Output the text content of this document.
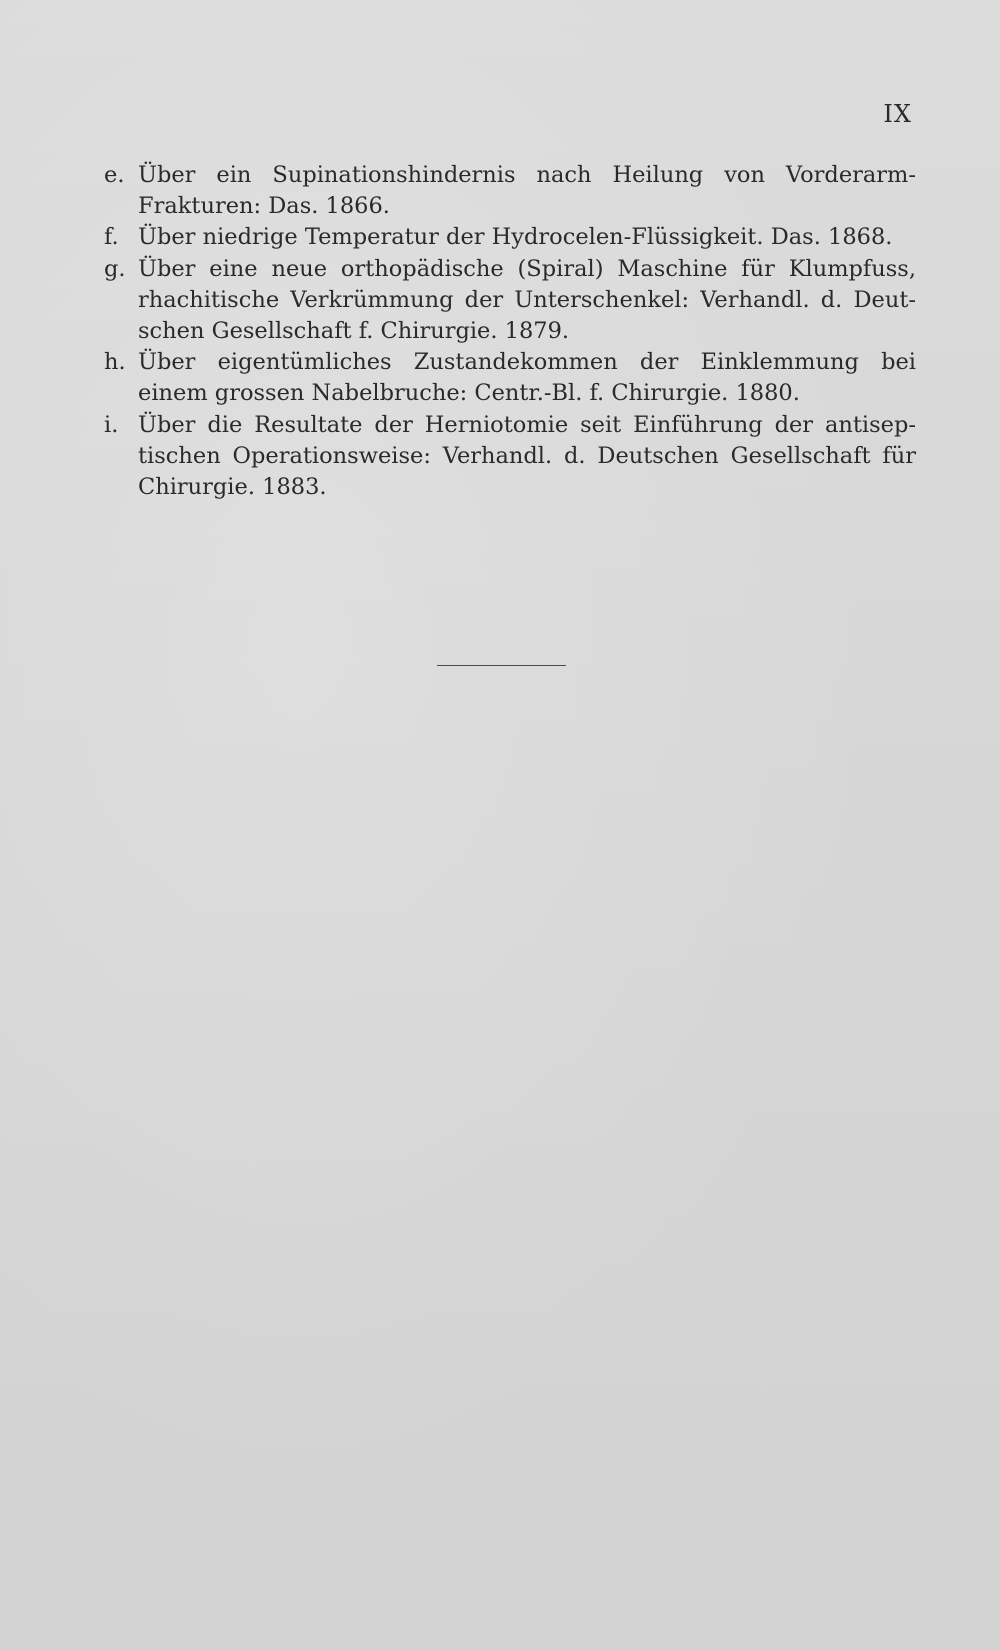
IX

e. Über ein Supinationshindernis nach Heilung von Vorderarm-Frakturen: Das. 1866.
f. Über niedrige Temperatur der Hydrocelen-Flüssigkeit. Das. 1868.
g. Über eine neue orthopädische (Spiral) Maschine für Klumpfuss, rhachitische Verkrümmung der Unterschenkel: Verhandl. d. Deutschen Gesellschaft f. Chirurgie. 1879.
h. Über eigentümliches Zustandekommen der Einklemmung bei einem grossen Nabelbruche: Centr.-Bl. f. Chirurgie. 1880.
i. Über die Resultate der Herniotomie seit Einführung der antiseptischen Operationsweise: Verhandl. d. Deutschen Gesellschaft für Chirurgie. 1883.
